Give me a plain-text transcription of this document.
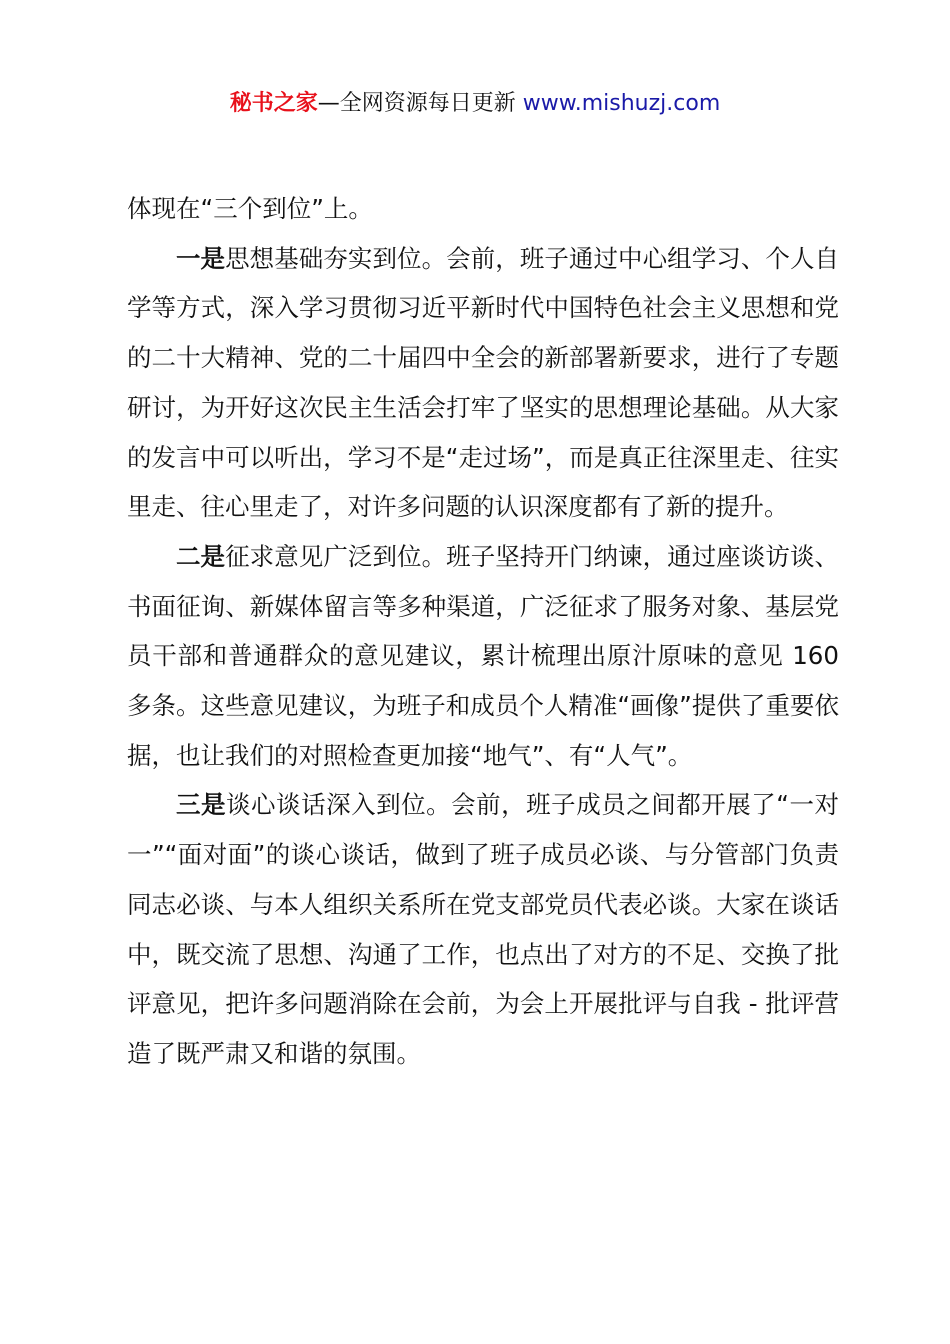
秘书之家—全网资源每日更新 www.mishuzj.com

体现在“三个到位”上。

一是思想基础夯实到位。会前，班子通过中心组学习、个人自学等方式，深入学习贯彻习近平新时代中国特色社会主义思想和党的二十大精神、党的二十届四中全会的新部署新要求，进行了专题研讨，为开好这次民主生活会打牢了坚实的思想理论基础。从大家的发言中可以听出，学习不是“走过场”，而是真正往深里走、往实里走、往心里走了，对许多问题的认识深度都有了新的提升。

二是征求意见广泛到位。班子坚持开门纳谏，通过座谈访谈、书面征询、新媒体留言等多种渠道，广泛征求了服务对象、基层党员干部和普通群众的意见建议，累计梳理出原汁原味的意见 160 多条。这些意见建议，为班子和成员个人精准“画像”提供了重要依据，也让我们的对照检查更加接“地气”、有“人气”。

三是谈心谈话深入到位。会前，班子成员之间都开展了“一对一”“面对面”的谈心谈话，做到了班子成员必谈、与分管部门负责同志必谈、与本人组织关系所在党支部党员代表必谈。大家在谈话中，既交流了思想、沟通了工作，也点出了对方的不足、交换了批评意见，把许多问题消除在会前，为会上开展批评与自我 - 批评营造了既严肃又和谐的氛围。
